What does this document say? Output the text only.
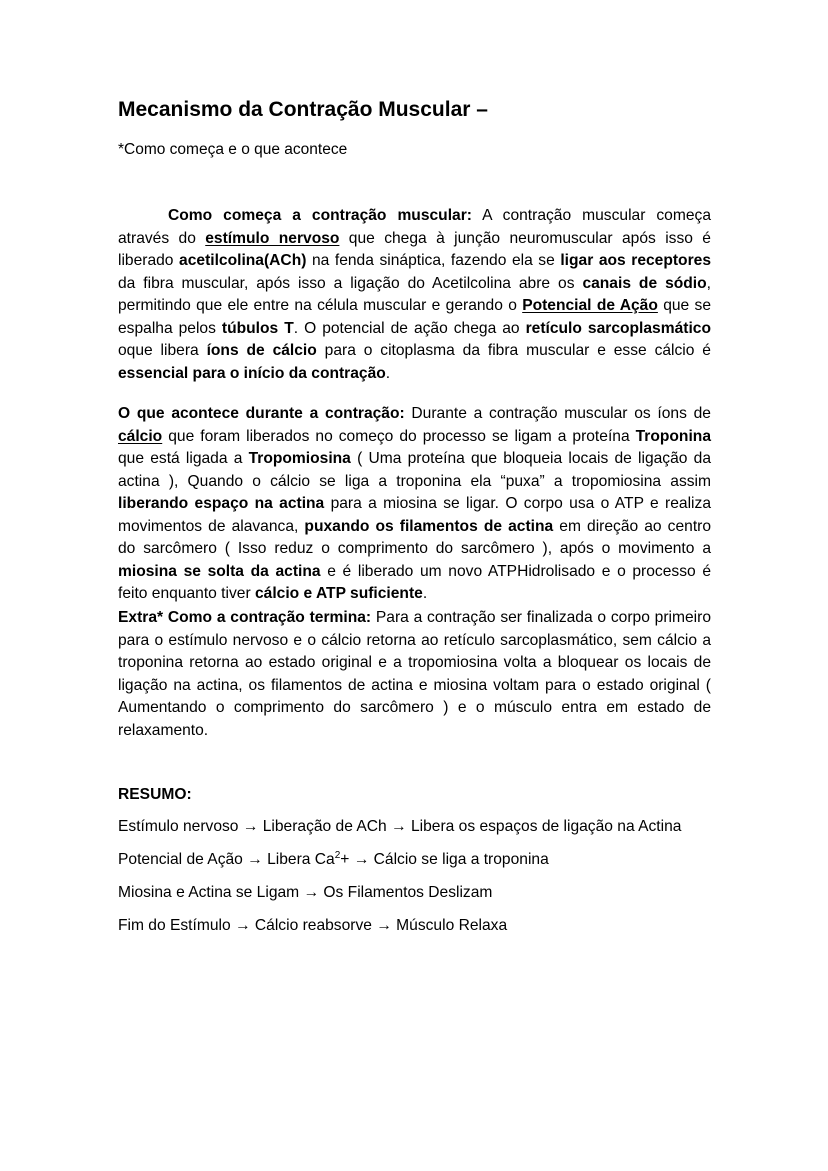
Mecanismo da Contração Muscular –
*Como começa e o que acontece

Como começa a contração muscular: A contração muscular começa através do estímulo nervoso que chega à junção neuromuscular após isso é liberado acetilcolina(ACh) na fenda sináptica, fazendo ela se ligar aos receptores da fibra muscular, após isso a ligação do Acetilcolina abre os canais de sódio, permitindo que ele entre na célula muscular e gerando o Potencial de Ação que se espalha pelos túbulos T. O potencial de ação chega ao retículo sarcoplasmático oque libera íons de cálcio para o citoplasma da fibra muscular e esse cálcio é essencial para o início da contração.

O que acontece durante a contração: Durante a contração muscular os íons de cálcio que foram liberados no começo do processo se ligam a proteína Troponina que está ligada a Tropomiosina ( Uma proteína que bloqueia locais de ligação da actina ), Quando o cálcio se liga a troponina ela “puxa” a tropomiosina assim liberando espaço na actina para a miosina se ligar. O corpo usa o ATP e realiza movimentos de alavanca, puxando os filamentos de actina em direção ao centro do sarcômero ( Isso reduz o comprimento do sarcômero ), após o movimento a miosina se solta da actina e é liberado um novo ATPHidrolisado e o processo é feito enquanto tiver cálcio e ATP suficiente.

Extra* Como a contração termina: Para a contração ser finalizada o corpo primeiro para o estímulo nervoso e o cálcio retorna ao retículo sarcoplasmático, sem cálcio a troponina retorna ao estado original e a tropomiosina volta a bloquear os locais de ligação na actina, os filamentos de actina e miosina voltam para o estado original ( Aumentando o comprimento do sarcômero ) e o músculo entra em estado de relaxamento.

RESUMO:
Estímulo nervoso → Liberação de ACh → Libera os espaços de ligação na Actina
Potencial de Ação → Libera $Ca^2+$ → Cálcio se liga a troponina
Miosina e Actina se Ligam → Os Filamentos Deslizam
Fim do Estímulo → Cálcio reabsorve → Músculo Relaxa
